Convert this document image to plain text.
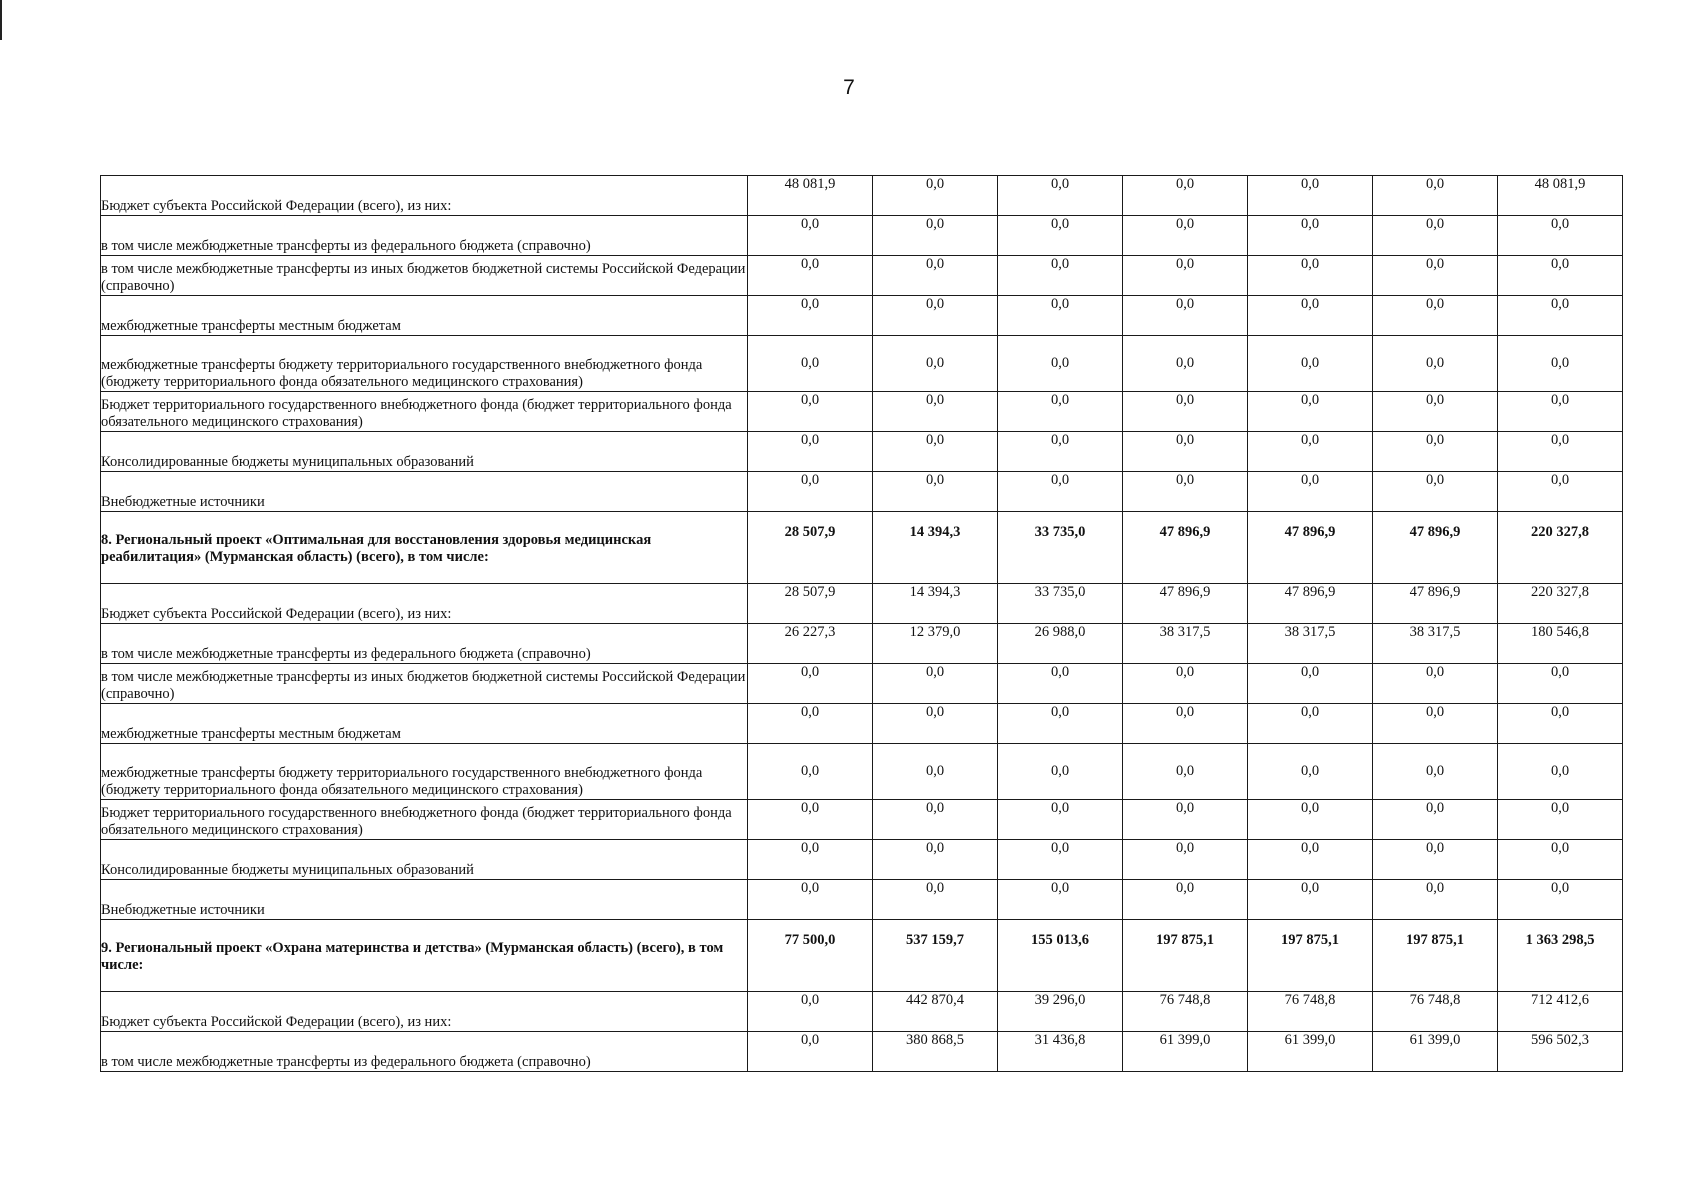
7
Бюджет субъекта Российской Федерации (всего), из них:	48 081,9	0,0	0,0	0,0	0,0	0,0	48 081,9
в том числе межбюджетные трансферты из федерального бюджета (справочно)	0,0	0,0	0,0	0,0	0,0	0,0	0,0
в том числе межбюджетные трансферты из иных бюджетов бюджетной системы Российской Федерации (справочно)	0,0	0,0	0,0	0,0	0,0	0,0	0,0
межбюджетные трансферты местным бюджетам	0,0	0,0	0,0	0,0	0,0	0,0	0,0
межбюджетные трансферты бюджету территориального государственного внебюджетного фонда (бюджету территориального фонда обязательного медицинского страхования)	0,0	0,0	0,0	0,0	0,0	0,0	0,0
Бюджет территориального государственного внебюджетного фонда (бюджет территориального фонда обязательного медицинского страхования)	0,0	0,0	0,0	0,0	0,0	0,0	0,0
Консолидированные бюджеты муниципальных образований	0,0	0,0	0,0	0,0	0,0	0,0	0,0
Внебюджетные источники	0,0	0,0	0,0	0,0	0,0	0,0	0,0
8. Региональный проект «Оптимальная для восстановления здоровья медицинская реабилитация» (Мурманская область) (всего), в том числе:	28 507,9	14 394,3	33 735,0	47 896,9	47 896,9	47 896,9	220 327,8
Бюджет субъекта Российской Федерации (всего), из них:	28 507,9	14 394,3	33 735,0	47 896,9	47 896,9	47 896,9	220 327,8
в том числе межбюджетные трансферты из федерального бюджета (справочно)	26 227,3	12 379,0	26 988,0	38 317,5	38 317,5	38 317,5	180 546,8
в том числе межбюджетные трансферты из иных бюджетов бюджетной системы Российской Федерации (справочно)	0,0	0,0	0,0	0,0	0,0	0,0	0,0
межбюджетные трансферты местным бюджетам	0,0	0,0	0,0	0,0	0,0	0,0	0,0
межбюджетные трансферты бюджету территориального государственного внебюджетного фонда (бюджету территориального фонда обязательного медицинского страхования)	0,0	0,0	0,0	0,0	0,0	0,0	0,0
Бюджет территориального государственного внебюджетного фонда (бюджет территориального фонда обязательного медицинского страхования)	0,0	0,0	0,0	0,0	0,0	0,0	0,0
Консолидированные бюджеты муниципальных образований	0,0	0,0	0,0	0,0	0,0	0,0	0,0
Внебюджетные источники	0,0	0,0	0,0	0,0	0,0	0,0	0,0
9. Региональный проект «Охрана материнства и детства» (Мурманская область) (всего), в том числе:	77 500,0	537 159,7	155 013,6	197 875,1	197 875,1	197 875,1	1 363 298,5
Бюджет субъекта Российской Федерации (всего), из них:	0,0	442 870,4	39 296,0	76 748,8	76 748,8	76 748,8	712 412,6
в том числе межбюджетные трансферты из федерального бюджета (справочно)	0,0	380 868,5	31 436,8	61 399,0	61 399,0	61 399,0	596 502,3
